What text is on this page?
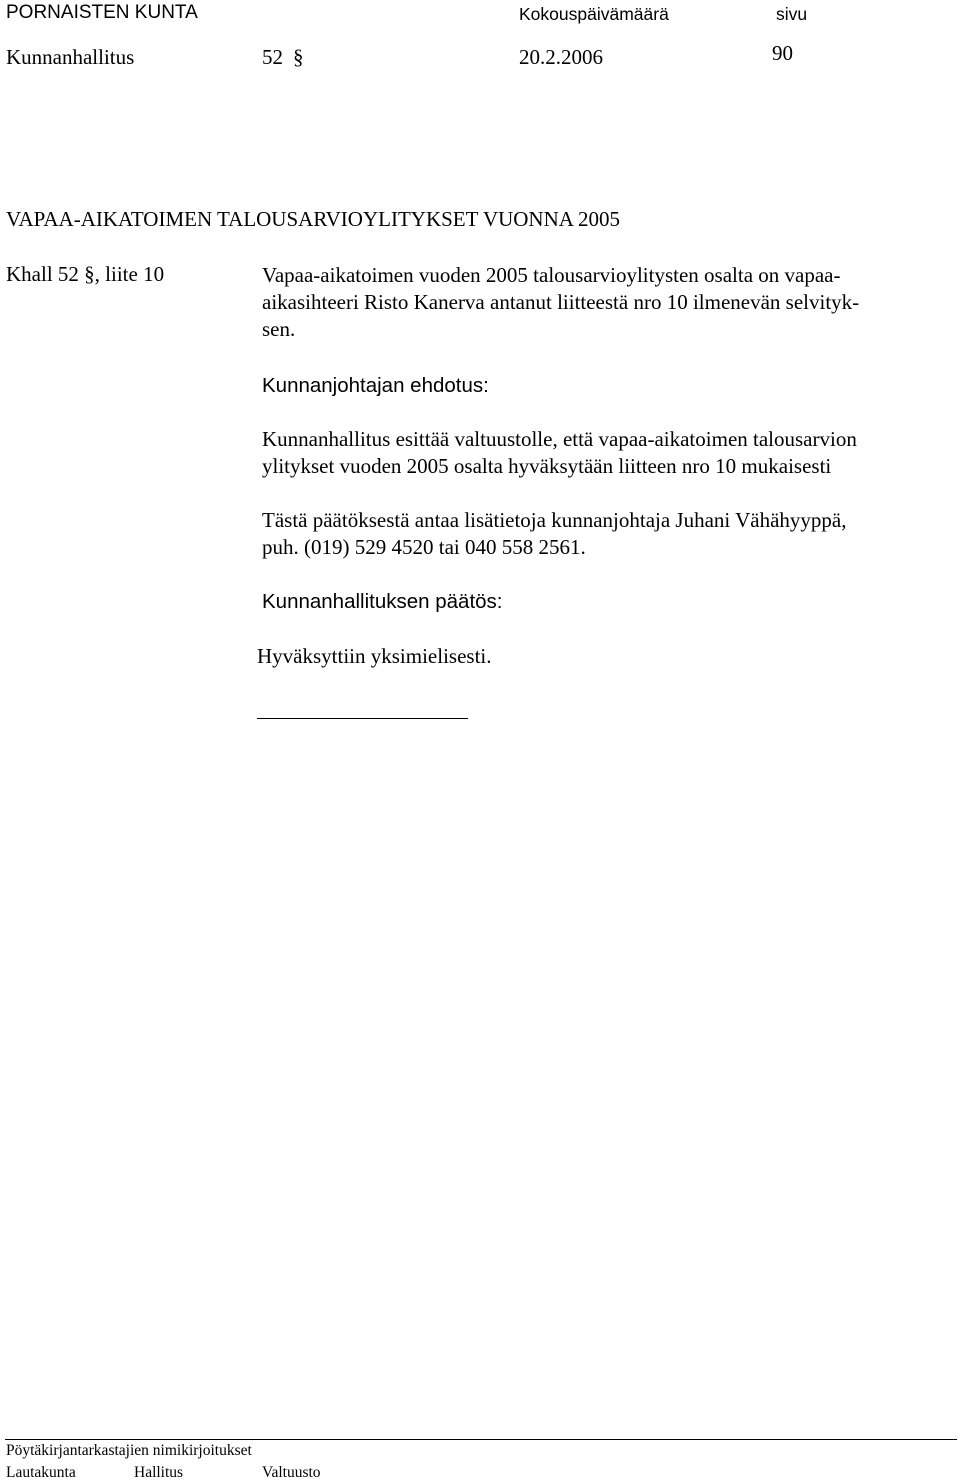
PORNAISTEN KUNTA	Kokouspäivämäärä	sivu
Kunnanhallitus	52 §	20.2.2006	90
VAPAA-AIKATOIMEN TALOUSARVIOYLITYKSET VUONNA 2005
Khall 52 §, liite 10	Vapaa-aikatoimen vuoden 2005 talousarvioylitysten osalta on vapaa-
aikasihteeri Risto Kanerva antanut liitteestä nro 10 ilmenevän selvityk-
sen.
Kunnanjohtajan ehdotus:
Kunnanhallitus esittää valtuustolle, että vapaa-aikatoimen talousarvion
ylitykset vuoden 2005 osalta hyväksytään liitteen nro 10 mukaisesti
Tästä päätöksestä antaa lisätietoja kunnanjohtaja Juhani Vähähyyppä,
puh. (019) 529 4520 tai 040 558 2561.
Kunnanhallituksen päätös:
Hyväksyttiin yksimielisesti.
Pöytäkirjantarkastajien nimikirjoitukset
Lautakunta	Hallitus	Valtuusto
